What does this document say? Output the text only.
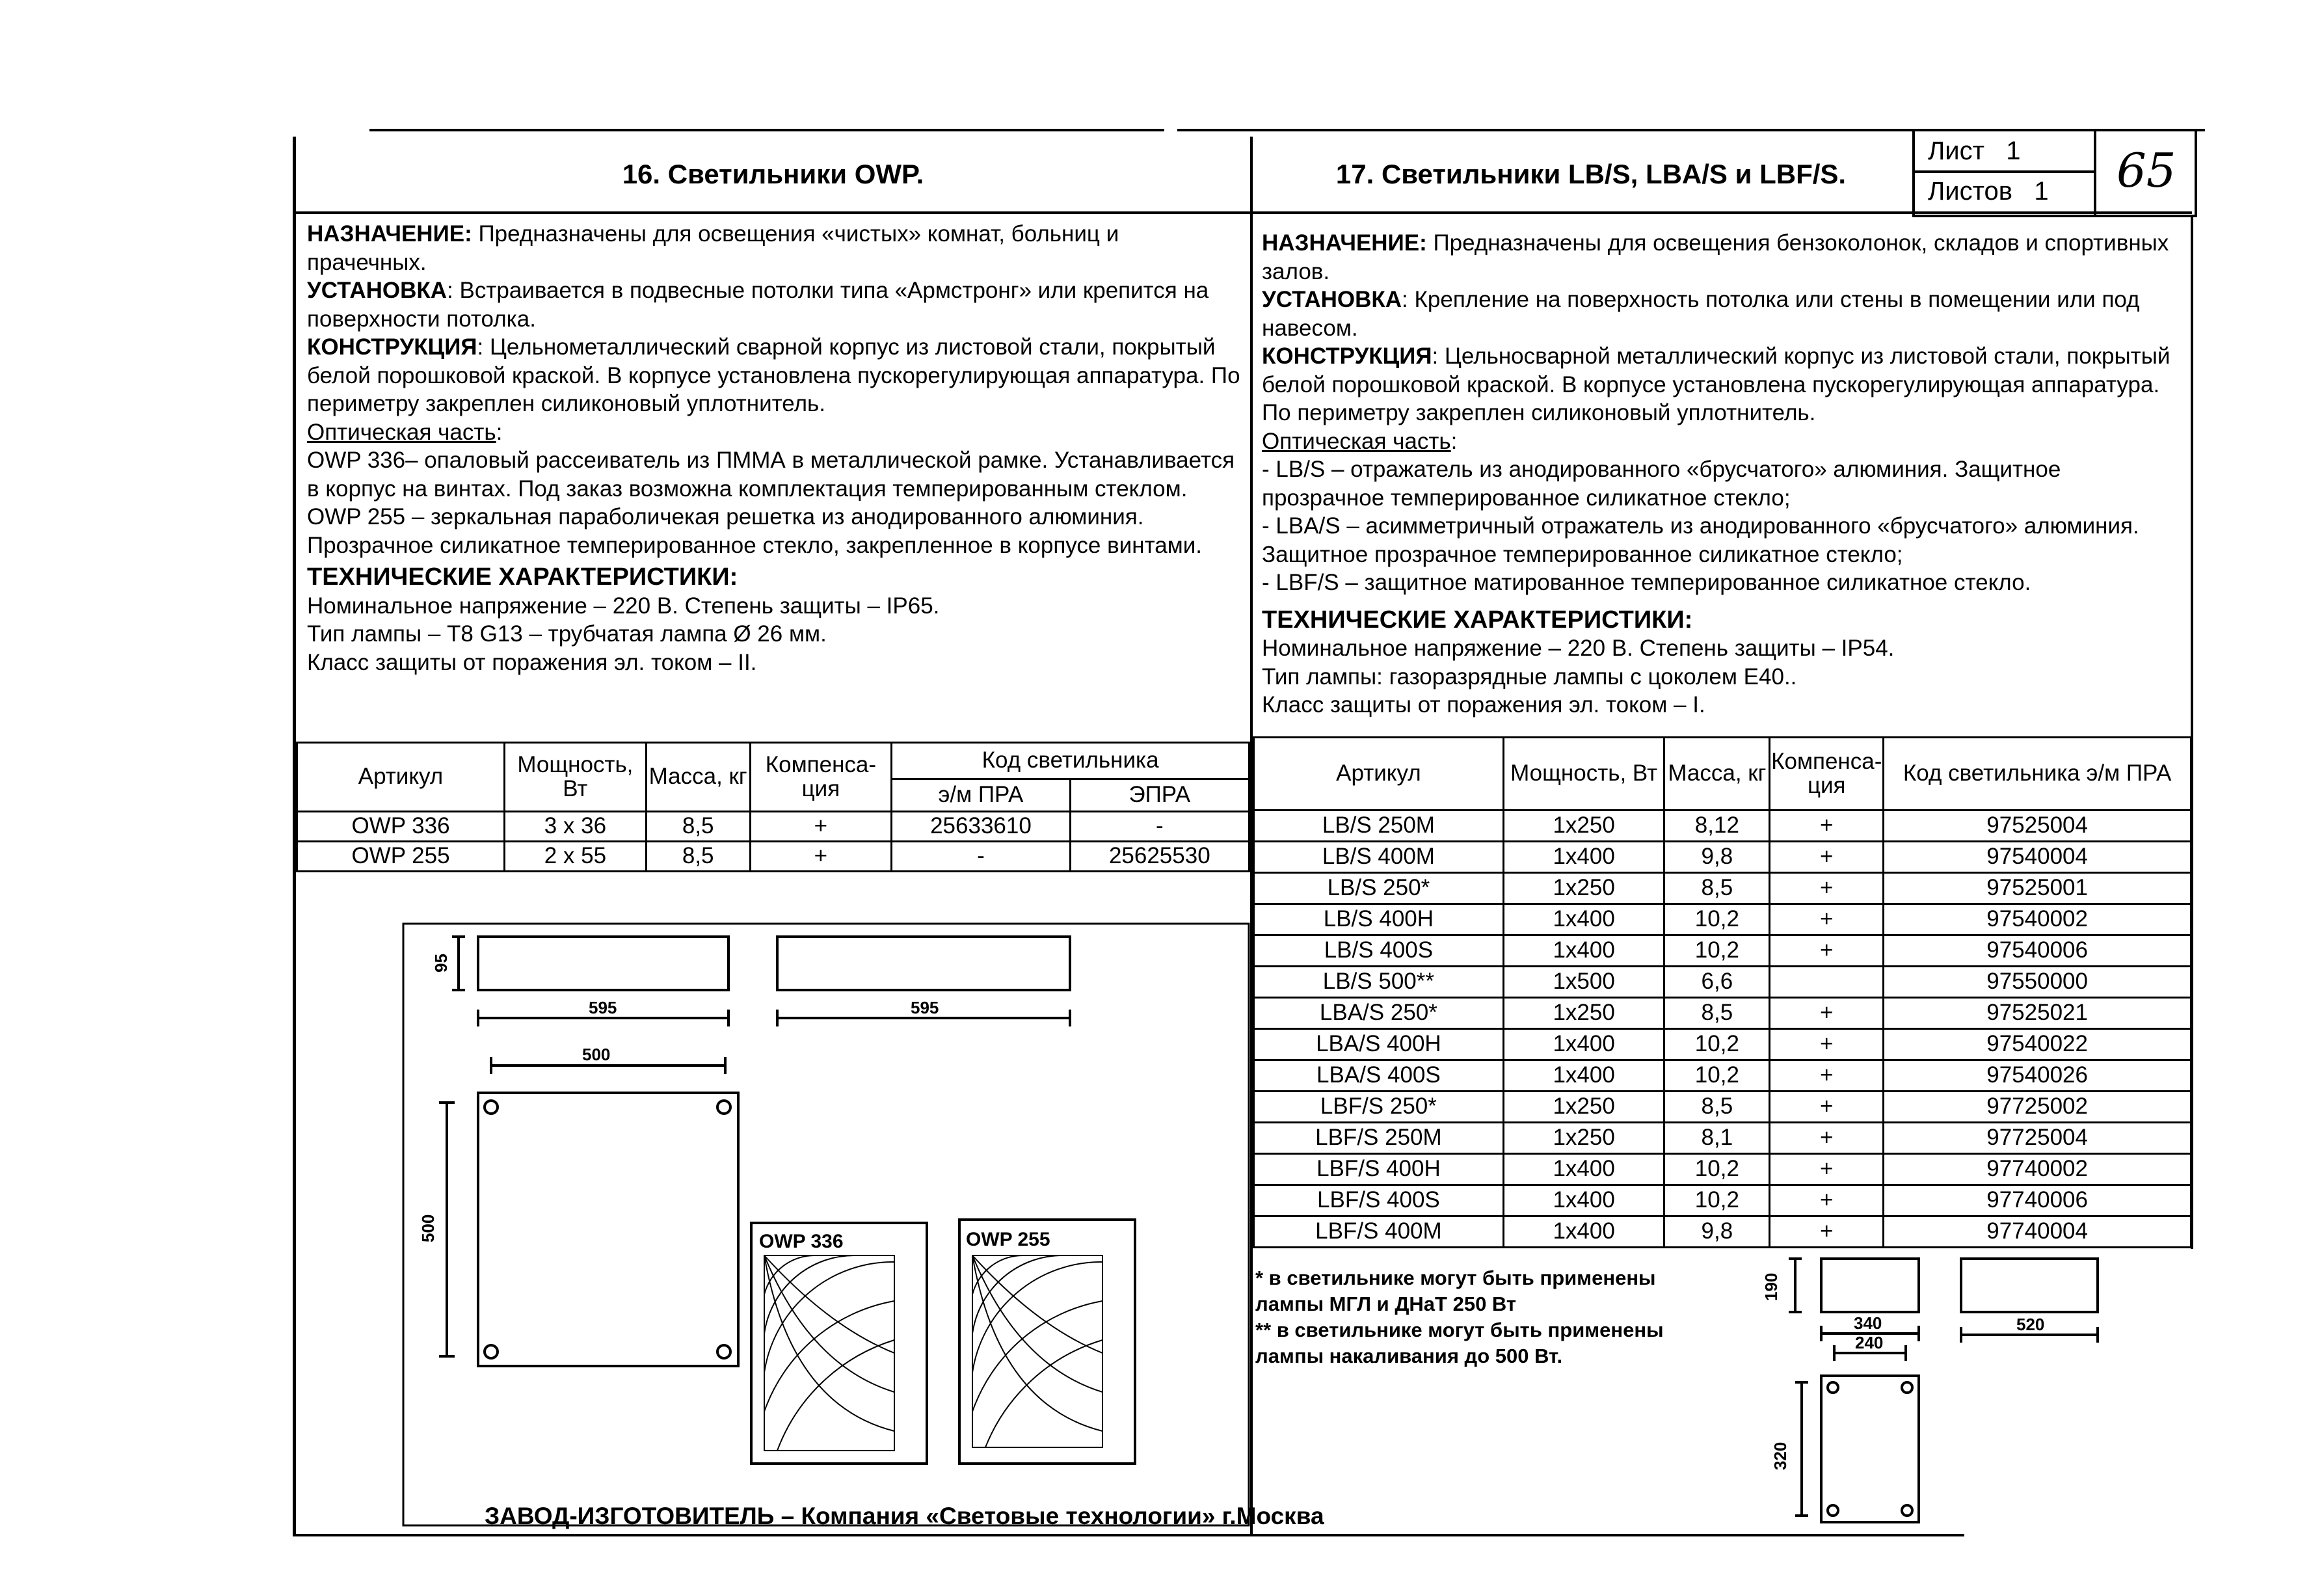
16. Светильники OWP.	17. Светильники LB/S, LBA/S и LBF/S.
Лист 1
Листов 1 65

НАЗНАЧЕНИЕ: Предназначены для освещения «чистых» комнат, больниц и прачечных.

УСТАНОВКА: Встраивается в подвесные потолки типа «Армстронг» или крепится на поверхности потолка.

КОНСТРУКЦИЯ: Цельнометаллический сварной корпус из листовой стали, покрытый белой порошковой краской. В корпусе установлена пускорегулирующая аппаратура. По периметру закреплен силиконовый уплотнитель.

Оптическая часть:

OWP 336– опаловый рассеиватель из ПММА в металлической рамке. Устанавливается в корпус на винтах. Под заказ возможна комплектация темперированным стеклом.

OWP 255 – зеркальная параболичекая решетка из анодированного алюминия. Прозрачное силикатное темперированное стекло, закрепленное в корпусе винтами.

ТЕХНИЧЕСКИЕ ХАРАКТЕРИСТИКИ:

Номинальное напряжение – 220 В. Степень защиты – IP65.

Тип лампы – Т8 G13 – трубчатая лампа Ø 26 мм.

Класс защиты от поражения эл. током – II.

Артикул	Мощность, Вт	Масса, кг	Компенса-ция	Код светильника	
				э/м ПРА	ЭПРА
OWP 336	3 x 36	8,5	+	25633610	-
OWP 255	2 x 55	8,5	+	-	25625530
95
595	595
500
500	OWP 336	OWP 255

НАЗНАЧЕНИЕ: Предназначены для освещения бензоколонок, складов и спортивных залов.

УСТАНОВКА: Крепление на поверхность потолка или стены в помещении или под навесом.

КОНСТРУКЦИЯ: Цельносварной металлический корпус из листовой стали, покрытый белой порошковой краской. В корпусе установлена пускорегулирующая аппаратура. По периметру закреплен силиконовый уплотнитель.

Оптическая часть:

- LB/S – отражатель из анодированного «брусчатого» алюминия. Защитное прозрачное темперированное силикатное стекло;

- LBA/S – асимметричный отражатель из анодированного «брусчатого» алюминия. Защитное прозрачное темперированное силикатное стекло;

- LBF/S – защитное матированное темперированное силикатное стекло.

ТЕХНИЧЕСКИЕ ХАРАКТЕРИСТИКИ:

Номинальное напряжение – 220 В. Степень защиты – IP54.

Тип лампы: газоразрядные лампы с цоколем Е40..

Класс защиты от поражения эл. током – I.

Артикул	Мощность, Вт	Масса, кг	Компенса-ция	Код светильника э/м ПРА
LB/S 250M	1x250	8,12	+	97525004
LB/S 400M	1x400	9,8	+	97540004
LB/S 250*	1x250	8,5	+	97525001
LB/S 400H	1x400	10,2	+	97540002
LB/S 400S	1x400	10,2	+	97540006
LB/S 500**	1x500	6,6		97550000
LBA/S 250*	1x250	8,5	+	97525021
LBA/S 400H	1x400	10,2	+	97540022
LBA/S 400S	1x400	10,2	+	97540026
LBF/S 250*	1x250	8,5	+	97725002
LBF/S 250M	1x250	8,1	+	97725004
LBF/S 400H	1x400	10,2	+	97740002
LBF/S 400S	1x400	10,2	+	97740006
LBF/S 400M	1x400	9,8	+	97740004
* в светильнике могут быть применены лампы МГЛ и ДНаТ 250 Вт
** в светильнике могут быть применены лампы накаливания до 500 Вт.
190
340
240
520
320
ЗАВОД-ИЗГОТОВИТЕЛЬ – Компания «Световые технологии» г.Москва
